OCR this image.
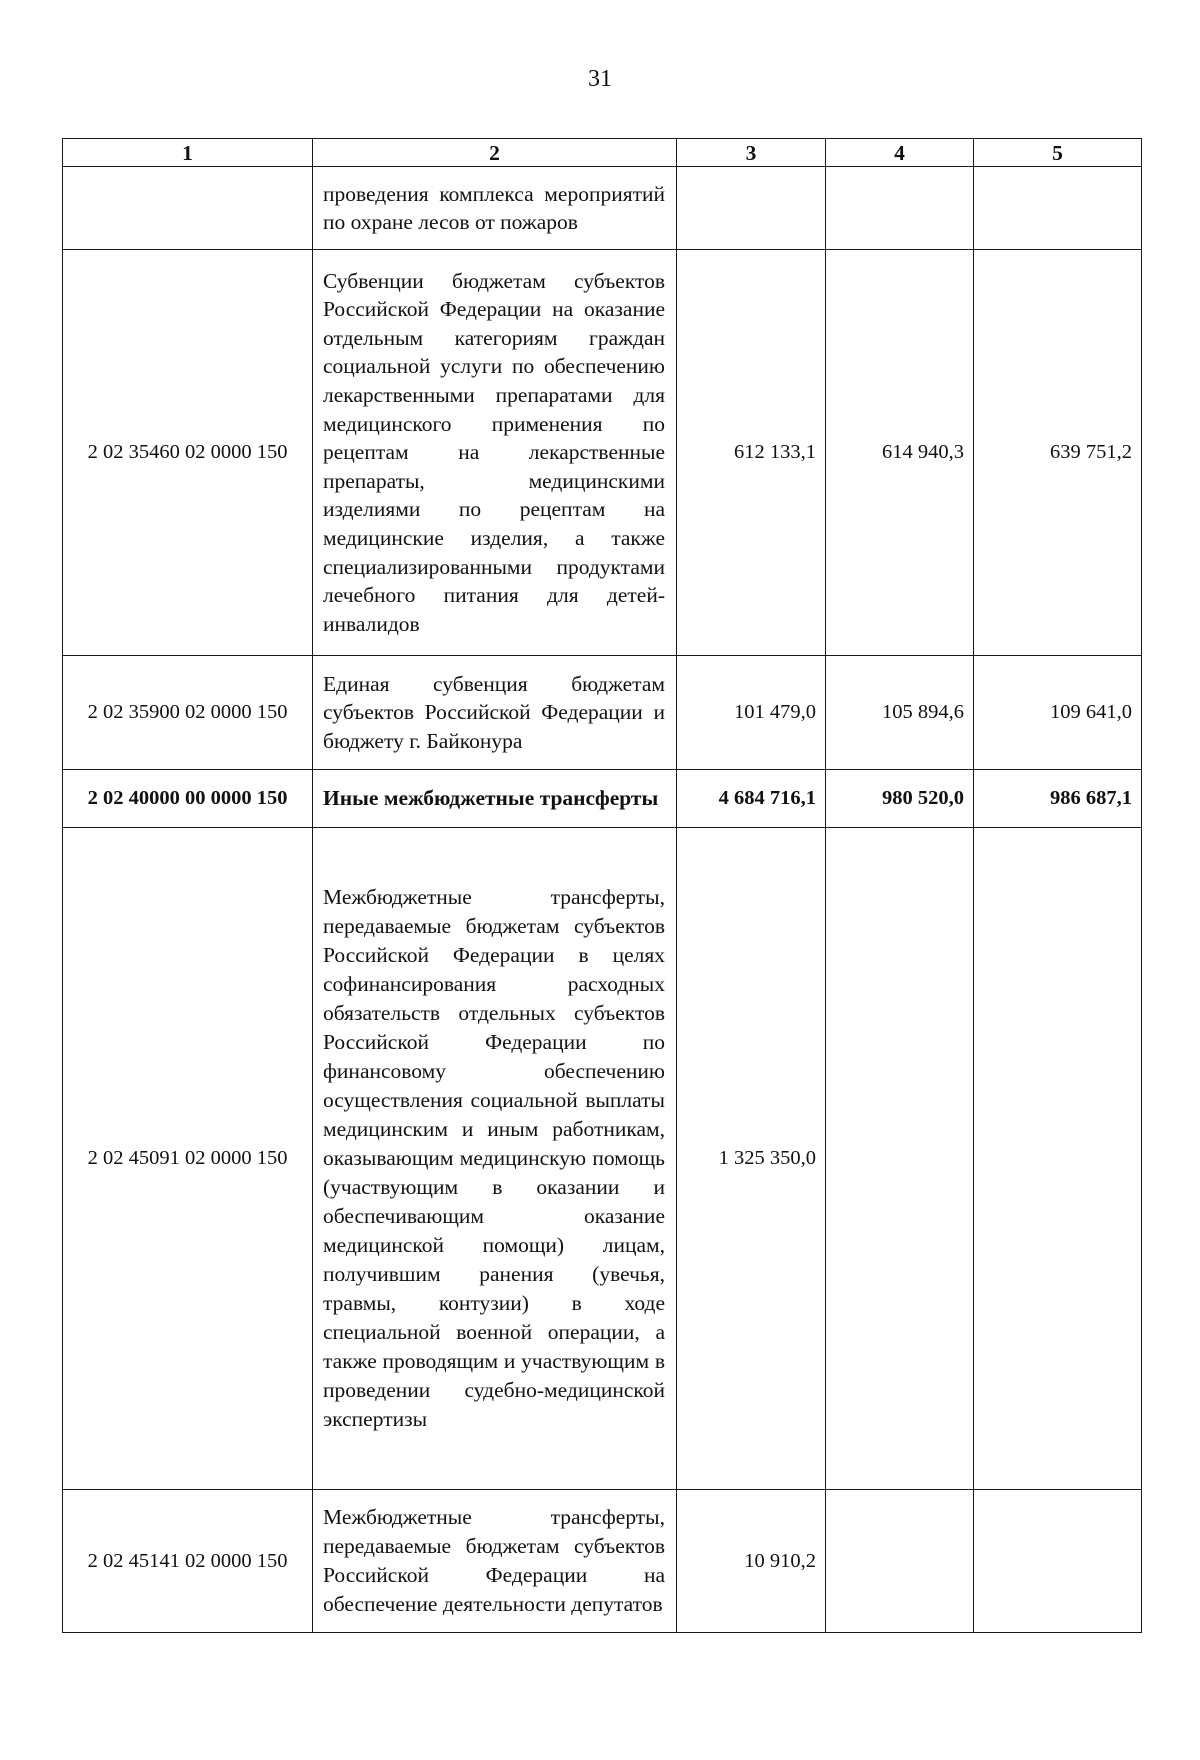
31
1	2	3	4	5
	проведения комплекса мероприятий по охране лесов от пожаров			
2 02 35460 02 0000 150	Субвенции бюджетам субъектов Российской Федерации на оказание отдельным категориям граждан социальной услуги по обеспечению лекарственными препаратами для медицинского применения по рецептам на лекарственные препараты, медицинскими изделиями по рецептам на медицинские изделия, а также специализированными продуктами лечебного питания для детей-инвалидов	612 133,1	614 940,3	639 751,2
2 02 35900 02 0000 150	Единая субвенция бюджетам субъектов Российской Федерации и бюджету г. Байконура	101 479,0	105 894,6	109 641,0
2 02 40000 00 0000 150	Иные межбюджетные трансферты	4 684 716,1	980 520,0	986 687,1
2 02 45091 02 0000 150	Межбюджетные трансферты, передаваемые бюджетам субъектов Российской Федерации в целях софинансирования расходных обязательств отдельных субъектов Российской Федерации по финансовому обеспечению осуществления социальной выплаты медицинским и иным работникам, оказывающим медицинскую помощь (участвующим в оказании и обеспечивающим оказание медицинской помощи) лицам, получившим ранения (увечья, травмы, контузии) в ходе специальной военной операции, а также проводящим и участвующим в проведении судебно-медицинской экспертизы	1 325 350,0		
2 02 45141 02 0000 150	Межбюджетные трансферты, передаваемые бюджетам субъектов Российской Федерации на обеспечение деятельности депутатов	10 910,2		
